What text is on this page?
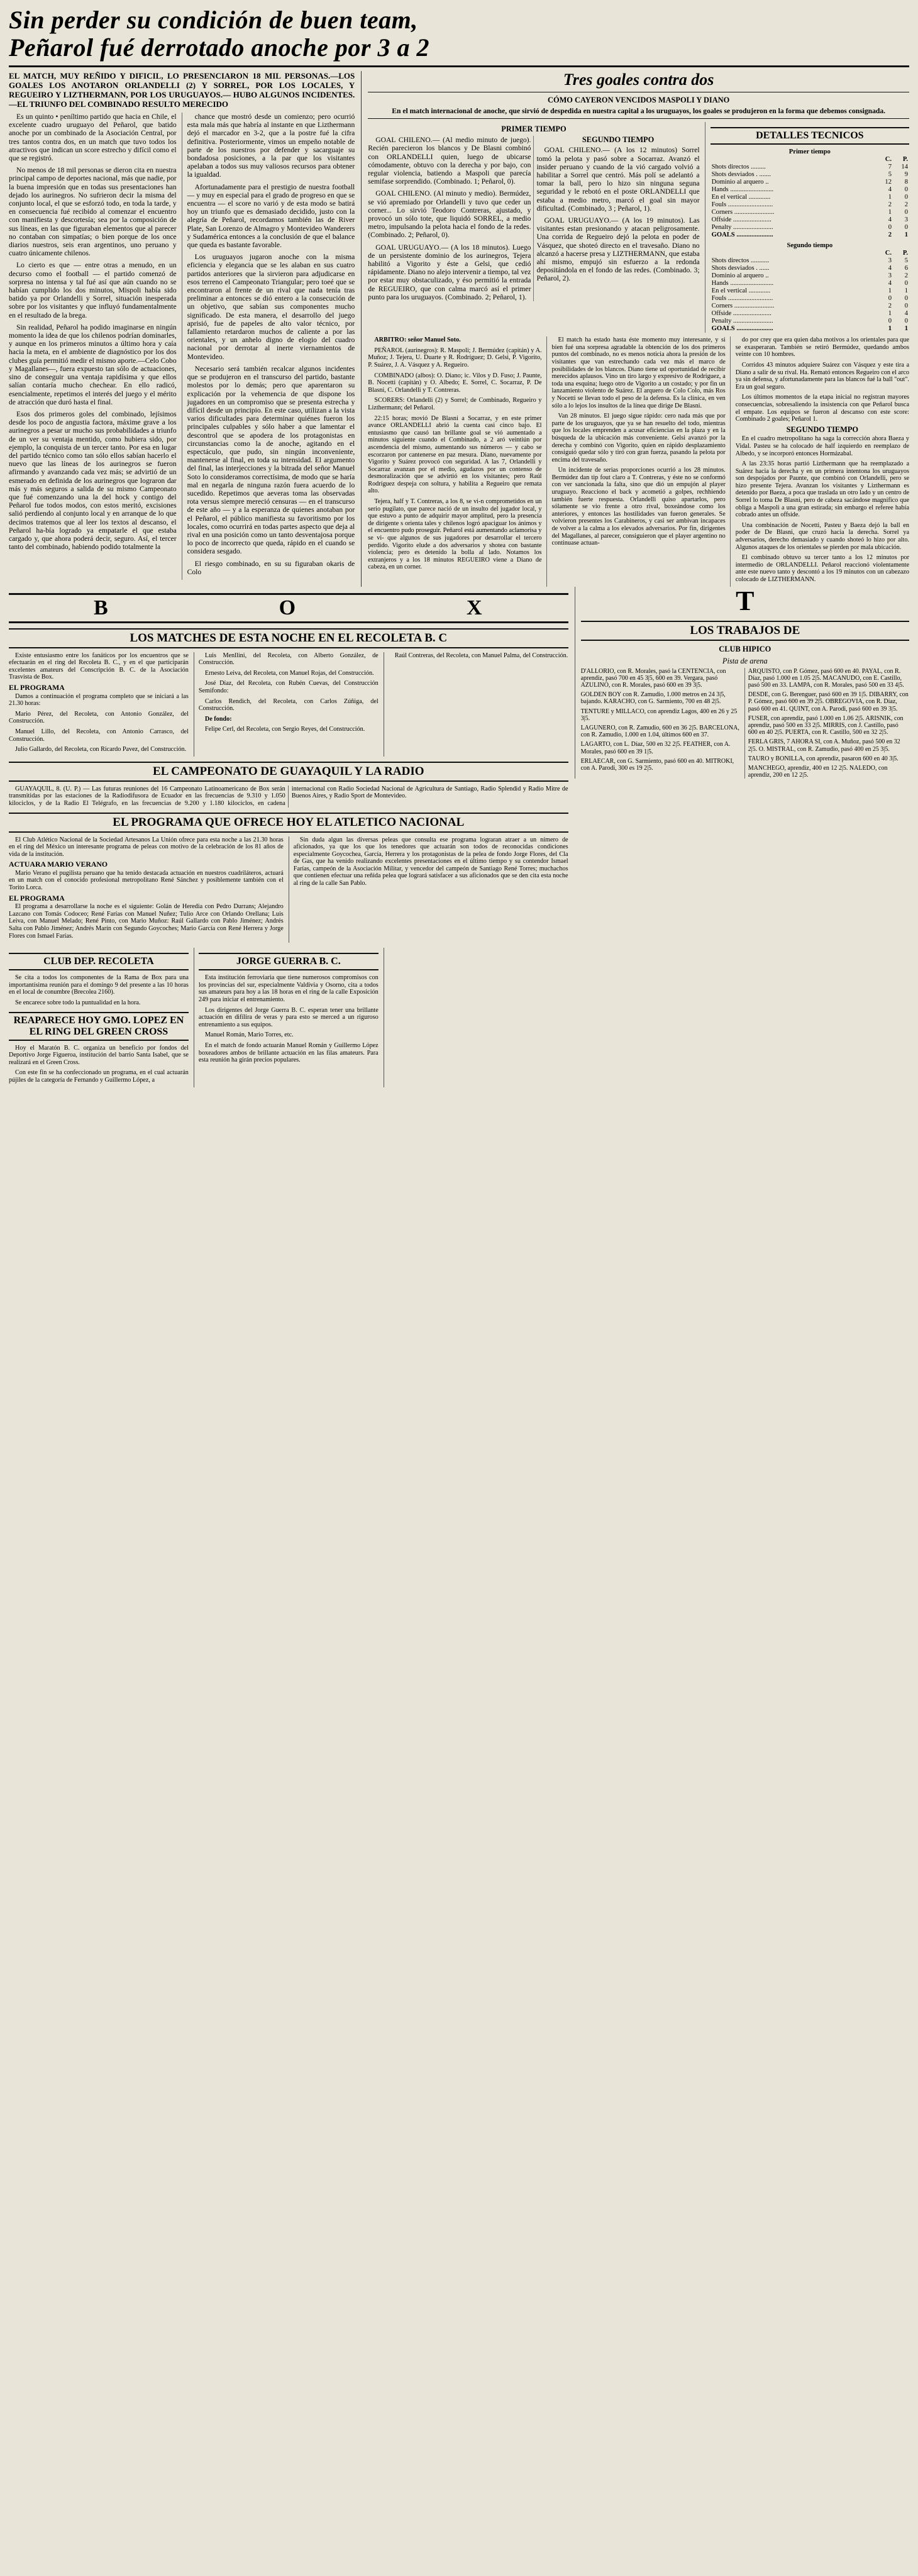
Sin perder su condición de buen team,
Peñarol fué derrotado anoche por 3 a 2
EL MATCH, MUY REÑIDO Y DIFICIL, LO PRESENCIARON 18 MIL PERSONAS.—LOS GOALES LOS ANOTARON ORLANDELLI (2) Y SORREL, POR LOS LOCALES, Y REGUEIRO Y LIZTHERMANN, POR LOS URUGUAYOS.— HUBO ALGUNOS INCIDENTES.—EL TRIUNFO DEL COMBINADO RESULTO MERECIDO

Es un quinto • peníltimo partido que hacia en Chile, el excelente cuadro uruguayo del Peñarol, que batido anoche por un combinado de la Asociación Central, por tres tantos contra dos, en un match que tuvo todos los atractivos que indican un score estrecho y difícil como el que se registró.

No menos de 18 mil personas se dieron cita en nuestra principal campo de deportes nacional, más que nadie, por la buena impresión que en todas sus presentaciones han dejado los aurinegros. No sufrieron decir la misma del conjunto local, el que se esforzó todo, en toda la tarde, y en consecuencia fué recibido al comenzar el encuentro con manifiesta y descortesía; sea por la composición de sus líneas, en las que figuraban elementos que al parecer no contaban con simpatías; o bien porque de los once diarios nuestros, seis eran argentinos, uno peruano y cuatro únicamente chilenos.

Lo cierto es que — entre otras a menudo, en un decurso como el football — el partido comenzó de sorpresa no intensa y tal fué así que aún cuando no se habían cumplido los dos minutos, Mispoli había sido batido ya por Orlandelli y Sorrel, situación inesperada sobre por los visitantes y que influyó fundamentalmente en el resultado de la brega.

Sin realidad, Peñarol ha podido imaginarse en ningún momento la idea de que los chilenos podrían dominarles, y aunque en los primeros minutos a último hora y caía hacia la meta, en el ambiente de diagnóstico por los dos clubes guía permitió medir el mismo aporte.—Celo Cobo y Magallanes—, fuera expuesto tan sólo de actuaciones, sino de conseguir una ventaja rapidísima y que ellos salían contaría mucho chechear. En ello radicó, esencialmente, repetimos el interés del juego y el mérito de atracción que duró hasta el final.

Esos dos primeros goles del combinado, lejísimos desde los poco de angustia factora, máxime grave a los aurinegros a pesar ur mucho sus probabilidades a triunfo de un ver su ventaja mentido, como hubiera sido, por ejemplo, la conquista de un tercer tanto. Por esa en lugar del partido técnico como tan sólo ellos sabían hacerlo el nuevo que las líneas de los aurinegros se fueron afirmando y avanzando cada vez más; se advirtió de un esmerado en definida de los aurinegros que lograron dar más y más seguros a salida de su mismo Campeonato que fué comenzando una la del hock y contigo del Peñarol fue todos modos, con estos meritó, excisiones salió perdiendo al conjunto local y en arranque de lo que decimos tratemos que al leer los textos al descanso, el Peñarol ha-bía logrado ya empatarle el que estaba cargado y, que ahora poderá decir, seguro. Así, el tercer tanto del combinado, habiendo podido totalmente la

chance que mostró desde un comienzo; pero ocurrió esta mala más que habría al instante en que Lizthermann dejó el marcador en 3-2, que a la postre fué la cifra definitiva. Posteriormente, vimos un empeño notable de parte de los nuestros por defender y sacarguaje su bondadosa posiciones, a la par que los visitantes apelaban a todos sus muy valiosos recursos para obtener la igualdad.

Afortunadamente para el prestigio de nuestra football — y muy en especial para el grado de progreso en que se encuentra — el score no varió y de esta modo se batirá hoy un triunfo que es demasiado decidido, justo con la alegría de Peñarol, recordamos también las de River Plate, San Lorenzo de Almagro y Montevideo Wanderers y Sudamérica entonces a la conclusión de que el balance que queda es bastante favorable.

Los uruguayos jugaron anoche con la misma eficiencia y elegancia que se les alaban en sus cuatro partidos anteriores que la sirvieron para adjudicarse en esos terreno el Campeonato Triangular; pero toeé que se encontraron al frente de un rival que nada tenía tras preliminar a entonces se dió entero a la consecución de un objetivo, que sabían sus componentes mucho significado. De esta manera, el desarrollo del juego aprisió, fue de papeles de alto valor técnico, por fallamiento retardaron muchos de caliente a por las orientales, y un anhelo digno de elogio del cuadro nacional por derrotar al inerte viernamientos de Montevideo.

Necesario será también recalcar algunos incidentes que se produjeron en el transcurso del partido, bastante molestos por lo demás; pero que aparentaron su explicación por la vehemencia de que dispone los jugadores en un compromiso que se presenta estrecha y difícil desde un principio. En este caso, utilizan a la vista varios dificultades para determinar quiénes fueron los principales culpables y sólo haber a que lamentar el descontrol que se apodera de los protagonistas en circunstancias como la de anoche, agitando en el espectáculo, que pudo, sin ningún inconveniente, mantenerse al final, en toda su intensidad. El argumento del final, las interjecciones y la bitrada del señor Manuel Soto lo consideramos correctísima, de modo que se haría mal en negarla de ninguna razón fuera acuerdo de lo sucedido. Repetimos que aeveras toma las observadas rota versus siempre mereció censuras — en el transcurso de este año — y a la esperanza de quienes anotaban por el Peñarol, el público manifiesta su favoritismo por los locales, como ocurrirá en todas partes aspecto que deja al rival en una posición como un tanto desventajosa porque lo poco de incorrecto que queda, rápido en el cuando se considera sesgado.

El riesgo combinado, en su su figuraban okaris de Colo

Tres goales contra dos
CÓMO CAYERON VENCIDOS MASPOLI Y DIANO
En el match internacional de anoche, que sirvió de despedida en nuestra capital a los uruguayos, los goales se produjeron en la forma que debemos consignada.
PRIMER TIEMPO

GOAL CHILENO.— (Al medio minuto de juego). Recién parecieron los blancos y De Blasni combinó con ORLANDELLI quien, luego de ubicarse cómodamente, obtuvo con la derecha y por bajo, con regular violencia, batiendo a Maspoli que parecía semifase sorprendido. (Combinado. 1; Peñarol, 0).

GOAL CHILENO. (Al minuto y medio). Bermúdez, se vió apremiado por Orlandelli y tuvo que ceder un corner... Lo sirvió Teodoro Contreras, ajustado, y provocó un sólo tote, que liquidó SORREL, a medio metro, impulsando la pelota hacia el fondo de la redes. (Combinado. 2; Peñarol, 0).

GOAL URUGUAYO.— (A los 18 minutos). Luego de un persistente dominio de los aurinegros, Tejera habilitó a Vigorito y éste a Gelsi, que cedió rápidamente. Diano no alejo intervenir a tiempo, tal vez por estar muy obstaculizado, y éso permitió la entrada de REGUEIRO, que con calma marcó así el primer punto para los uruguayos. (Combinado. 2; Peñarol, 1).

SEGUNDO TIEMPO

GOAL CHILENO.— (A los 12 minutos) Sorrel tomó la pelota y pasó sobre a Socarraz. Avanzó el insider peruano y cuando de la vió cargado volvió a habilitar a Sorrel que centró. Más polí se adelantó a tomar la ball, pero lo hizo sin ninguna seguna seguridad y le rebotó en el poste ORLANDELLI que estaba a medio metro, marcó el goal sin mayor dificultad. (Combinado, 3 ; Peñarol, 1).

GOAL URUGUAYO.— (A los 19 minutos). Las visitantes estan presionando y atacan peligrosamente. Una corrida de Regueiro dejó la pelota en poder de Vásquez, que shoteó directo en el travesaño. Diano no alcanzó a hacerse presa y LIZTHERMANN, que estaba ahí mismo, empujó sin esfuerzo a la redonda depositándola en el fondo de las redes. (Combinado. 3; Peñarol, 2).

DETALLES TECNICOS
Primer tiempo
	C.	P.
Shots directos .........	7	14
Shots desviados . .......	5	9
Dominio al arquero ..	12	8
Hands ..........................	4	0
En el vertical .............	1	0
Fouls ...........................	2	2
Corners ........................	1	0
Offside .......................	4	3
Penalty ........................	0	0
GOALS ......................	2	1
Segundo tiempo
	C.	P.
Shots directos ...........	3	5
Shots desviados . ......	4	6
Dominio al arquero ..	3	2
Hands ..........................	4	0
En el vertical .............	1	1
Fouls ...........................	0	0
Corners ........................	2	0
Offside .......................	1	4
Penalty ........................	0	0
GOALS ......................	1	1

ARBITRO: señor Manuel Soto.

PEÑAROL (aurinegros): R. Maspoli; J. Bermúdez (capitán) y A. Muñoz; J. Tejera, U. Duarte y R. Rodríguez; D. Gelsi, P. Vigorito, P. Suárez, J. A. Vásquez y A. Regueiro.

COMBINADO (albos): O. Diano; ic. Vilos y D. Fuso; J. Paunte, B. Nocetti (capitán) y O. Albedo; E. Sorrel, C. Socarraz, P. De Blasni, C. Orlandelli y T. Contreras.

SCORERS: Orlandelli (2) y Sorrel; de Combinado, Regueiro y Lizthermann; del Peñarol.

22:15 horas; movió De Blasni a Socarraz, y en este primer avance ORLANDELLI abrió la cuenta casi cinco bajo. El entusiasmo que causó tan brillante goal se vió aumentado a minutos siguiente cuando el Combinado, a 2 aró veintiún por ascendencia del mismo, aumentando sus números — y cabo se escorzaron por cantenerse en paz mesura. Diano, nuevamente por Vigorito y Suárez provocó con seguridad. A las 7, Orlandelli y Socarraz avanzan por el medio, agudazos por un contenso de desmoralización que se advirtió en los visitantes; pero Raúl Rodríguez despeja con soltura, y habilita a Regueiro que remata alto.

Tejera, half y T. Contreras, a los 8, se vi-n comprometidos en un serio pugilato, que parece nació de un insulto del jugador local, y que estuvo a punto de adquirir mayor amplitud, pero la presencia de dirigente s orienta tales y chilenos logró apaciguar los ánimos y el encuentro pudo proseguir. Peñarol está aumentando aclamorisa y se vi- que algunos de sus jugadores por desarrollar el tercero perdido. Vigorito elude a dos adversarios y shotea con bastante violencia; pero es detenido la bolla al lado. Notamos los extranjeros y a los 18 minutos REGUEIRO viene a Diano de cabeza, en un corner.

El match ha estado hasta éste momento muy interesante, y si bien fué una sorpresa agradable la obtención de los dos primeros puntos del combinado, no es menos noticia ahora la presión de los visitantes que van estrechando cada vez más el marco de posibilidades de los blancos. Diano tiene ud oportunidad de recibir merecidos aplausos. Vino un tiro largo y expresivo de Rodríguez, a toda una esquina; luego otro de Vigorito a un costado; y por fin un lanzamiento violento de Suárez. El arquero de Colo Colo, más Ros y Nocetti se llevan todo el peso de la defensa. Es la clínica, en ven sólo a lo lejos los insultos de la línea que dirige De Blasni.

Van 28 minutos. El juego sigue rápido: cero nada más que por parte de los uruguayos, que ya se han resuelto del todo, mientras que los locales emprenden a acusar eficiencias en la plaza y en la búsqueda de la ubicación más conveniente. Gelsi avanzó por la derecha y combinó con Vigorito, quien en rápido desplazamiento consiguió quedar sólo y tiró con gran fuerza, pasando la pelota por encima del travesaño.

Un incidente de serias proporciones ocurrió a los 28 minutos. Bermúdez dan tip fout claro a T. Contreras, y éste no se conformó con ver sancionada la falta, sino que dió un empujón al player uruguayo. Reacciono el back y acometió a golpes, rechhiendo también fuerte respuesta. Orlandelli quiso apartarlos, pero sólamente se vio frente a otro rival, boxeándose como los anteriores, y entonces las hostilidades van fueron generales. Se volvieron presentes los Carabineros, y casi ser ambivan incapaces de volver a la calma a los elevados adversarios. Por fin, dirigentes del Magallanes, al parecer, consiguieron que el player argentino no continuase actuan-

do por crey que era quien daba motivos a los orientales para que se exasperaran. También se retiró Bermúdez, quedando ambos veinte con 10 hombres.

Corridos 43 minutos adquiere Suárez con Vásquez y este tira a Diano a salir de su rival. Ha. Remató entonces Regueiro con el arco ya sin defensa, y afortunadamente para las blancos fué la ball "out". Era un goal seguro.

Los últimos momentos de la etapa inicial no registran mayores consecuencias, sobresaliendo la insistencia con que Peñarol busca el empate. Los equipos se fueron al descanso con este score: Combinado 2 goales; Peñarol 1.

SEGUNDO TIEMPO

En el cuadro metropolitano ha saga la corrección ahora Baeza y Vidal. Pasteu se ha colocado de half izquierdo en reemplazo de Albedo, y se incorporó entonces Hormázabal.

A las 23:35 horas partió Lizthermann que ha reemplazado a Suárez hacia la derecha y en un primera intentona los uruguayos son despojados por Paunte, que combinó con Orlandelli, pero se hizo presente Tejera. Avanzan los visitantes y Lizthermann es detenido por Baeza, a poca que traslada un otro lado y un centro de Sorrel lo toma De Blasni, pero de cabeza sacándose magnífico que obliga a Maspoli a una gran estirada; sin embargo el referee había cobrado antes un offside.

Una combinación de Nocetti, Pasteu y Baeza dejó la ball en poder de De Blasni, que cruzó hacia la derecha. Sorrel ya adversarios, derecho demasiado y cuando shoteó lo hizo por alto. Algunos ataques de los orientales se pierden por mala ubicación.

El combinado obtuvo su tercer tanto a los 12 minutos por intermedio de ORLANDELLI. Peñarol reaccionó violentamente ante este nuevo tanto y descontó a los 19 minutos con un cabezazo colocado de LIZTHERMANN.

B	O	X
LOS MATCHES DE ESTA NOCHE EN EL RECOLETA B. C

Existe entusiasmo entre los fanáticos por los encuentros que se efectuarán en el ring del Recoleta B. C., y en el que participarán excelentes amateurs del Conscripción B. C. de la Asociación Trasvista de Box.

EL PROGRAMA

Damos a continuación el programa completo que se iniciará a las 21.30 horas:

Mario Pérez, del Recoleta, con Antonio González, del Construcción.

Manuel Lillo, del Recoleta, con Antonio Carrasco, del Construcción.

Julio Gallardo, del Recoleta, con Ricardo Pavez, del Construcción.

Luis Menllini, del Recoleta, con Alberto González, de Construcción.

Ernesto Leiva, del Recoleta, con Manuel Rojas, del Construcción.

José Díaz, del Recoleta, con Rubén Cuevas, del Construcción Semifondo:

Carlos Rendich, del Recoleta, con Carlos Zúñiga, del Construcción.

De fondo:

Felipe Cerl, del Recoleta, con Sergio Reyes, del Construcción.

Raúl Contreras, del Recoleta, con Manuel Palma, del Construcción.

EL CAMPEONATO DE GUAYAQUIL Y LA RADIO

GUAYAQUIL, 8. (U. P.) — Las futuras reuniones del 16 Campeonato Latinoamericano de Box serán transmitidas por las estaciones de la Radiodifusora de Ecuador en las frecuencias de 9.310 y 1.050 kilociclos, y de la Radio El Telégrafo, en las frecuencias de 9.200 y 1.180 kilociclos, en cadena internacional con Radio Sociedad Nacional de Agricultura de Santiago, Radio Splendid y Radio Mitre de Buenos Aires, y Radio Sport de Montevideo.

EL PROGRAMA QUE OFRECE HOY EL ATLETICO NACIONAL

El Club Atlético Nacional de la Sociedad Artesanos La Unión ofrece para esta noche a las 21.30 horas en el ring del México un interesante programa de peleas con motivo de la celebración de los 81 años de vida de la institución.

ACTUARA MARIO VERANO

Mario Verano el pugilista peruano que ha tenido destacada actuación en nuestros cuadriláteros, actuará en un match con el conocido profesional metropolitano René Sánchez y posiblemente también con el Torito Lorca.

EL PROGRAMA

El programa a desarrollarse la noche es el siguiente: Golán de Heredia con Pedro Durrans; Alejandro Lazcano con Tomás Codoceo; René Farías con Manuel Nuñez; Tulio Arce con Orlando Orellana; Luis Leiva, con Manuel Melado; René Pinto, con Mario Muñoz: Raúl Gallardo con Pablo Jiménez; Andrés Salta con Pablo Jiménez; Andrés Marín con Segundo Goycoches; Mario García con René Herrera y Jorge Flores con Ismael Farías.

Sin duda algun las diversas peleas que consulta ese programa lograran atraer a un nímero de aficionados, ya que los que los tenedores que actuarán son todos de reconocidas condiciones especialmente Goycochea, García, Herrera y los protagonistas de la pelea de fondo Jorge Flores, del Cla de Gas, que ha venido realizando excelentes presentaciones en el último tiempo y su contendor Ismael Farías, campeón de la Asociación Militar, y vencedor del campeón de Santiago René Torres; muchachos que contienen efectuar una reñida pelea que logrará satisfacer a sus aficionados que se den cita esta noche al ring de la calle San Pablo.

CLUB DEP. RECOLETA

Se cita a todos los componentes de la Rama de Box para una importantísima reunión para el domingo 9 del presente a las 10 horas en el local de conumbre (Brecolea 2160).

Se encarece sobre todo la puntualidad en la hora.

REAPARECE HOY GMO. LOPEZ EN EL RING DEL GREEN CROSS

Hoy el Maratón B. C. organiza un beneficio por fondos del Deportivo Jorge Figueroa, institución del barrio Santa Isabel, que se realizará en el Green Cross.

Con este fin se ha confeccionado un programa, en el cual actuarán pújiles de la categoría de Fernando y Guillermo López, a

JORGE GUERRA B. C.

Esta institución ferroviaria que tiene numerosos compromisos con los provincias del sur, especialmente Valdivia y Osorno, cita a todos sus amateurs para hoy a las 18 horas en el ring de la calle Exposición 249 para iniciar el entrenamiento.

Los dirigentes del Jorge Guerra B. C. esperan tener una brillante actuación en difílira de veras y para esto se merced a un riguroso entrenamiento a sus equipos.

Manuel Román, Mario Torres, etc.

En el match de fondo actuarán Manuel Román y Guillermo López boxeadores ambos de brillante actuación en las filas amateurs. Para esta reunión ha girán precios populares.

T
LOS TRABAJOS DE
CLUB HIPICO
Pista de arena

D'ALLORIO, con R. Morales, pasó la CENTENCIA, con aprendiz, pasó 700 en 45 3|5, 600 en 39. Vergara, pasó AZULINO, con R. Morales, pasó 600 en 39 3|5.

GOLDEN BOY con R. Zamudio, 1.000 metros en 24 3|5, bajando. KARACHO, con G. Sarmiento, 700 en 48 2|5.

TENTURE y MILLACO, con aprendiz Lagos, 400 en 26 y 25 3|5.

LAGUNERO, con R. Zamudio, 600 en 36 2|5. BARCELONA, con R. Zamudio, 1.000 en 1.04, últimos 600 en 37.

LAGARTO, con L. Díaz, 500 en 32 2|5. FEATHER, con A. Morales, pasó 600 en 39 1|5.

ERLAECAR, con G. Sarmiento, pasó 600 en 40. MITROKI, con A. Parodi, 300 es 19 2|5.

ARQUISTO, con P. Gómez, pasó 600 en 40. PAYAL, con R. Díaz, pasó 1.000 en 1.05 2|5. MACANUDO, con E. Castillo, pasó 500 en 33. LAMPA, con R. Morales, pasó 500 en 33 4|5.

DESDE, con G. Berenguer, pasó 600 en 39 1|5. DIBARRY, con P. Gómez, pasó 600 en 39 2|5. OBREGOVIA, con R. Díaz, pasó 600 en 41. QUINT, con A. Parodi, pasó 600 en 39 3|5.

FUSER, con aprendiz, pasó 1.000 en 1.06 2|5. ARISNIK, con aprendiz, pasó 500 en 33 2|5. MIRRIS, con J. Castillo, pasó 600 en 40 2|5. PUERTA, con R. Castillo, 500 en 32 2|5.

FERLA GRIS, 7 AHORA SI, con A. Muñoz, pasó 500 en 32 2|5. O. MISTRAL, con R. Zamudio, pasó 400 en 25 3|5.

TAURO y BONILLA, con aprendiz, pasaron 600 en 40 3|5.

MANCHEGO, aprendiz, 400 en 12 2|5. NALEDO, con aprendiz, 200 en 12 2|5.
